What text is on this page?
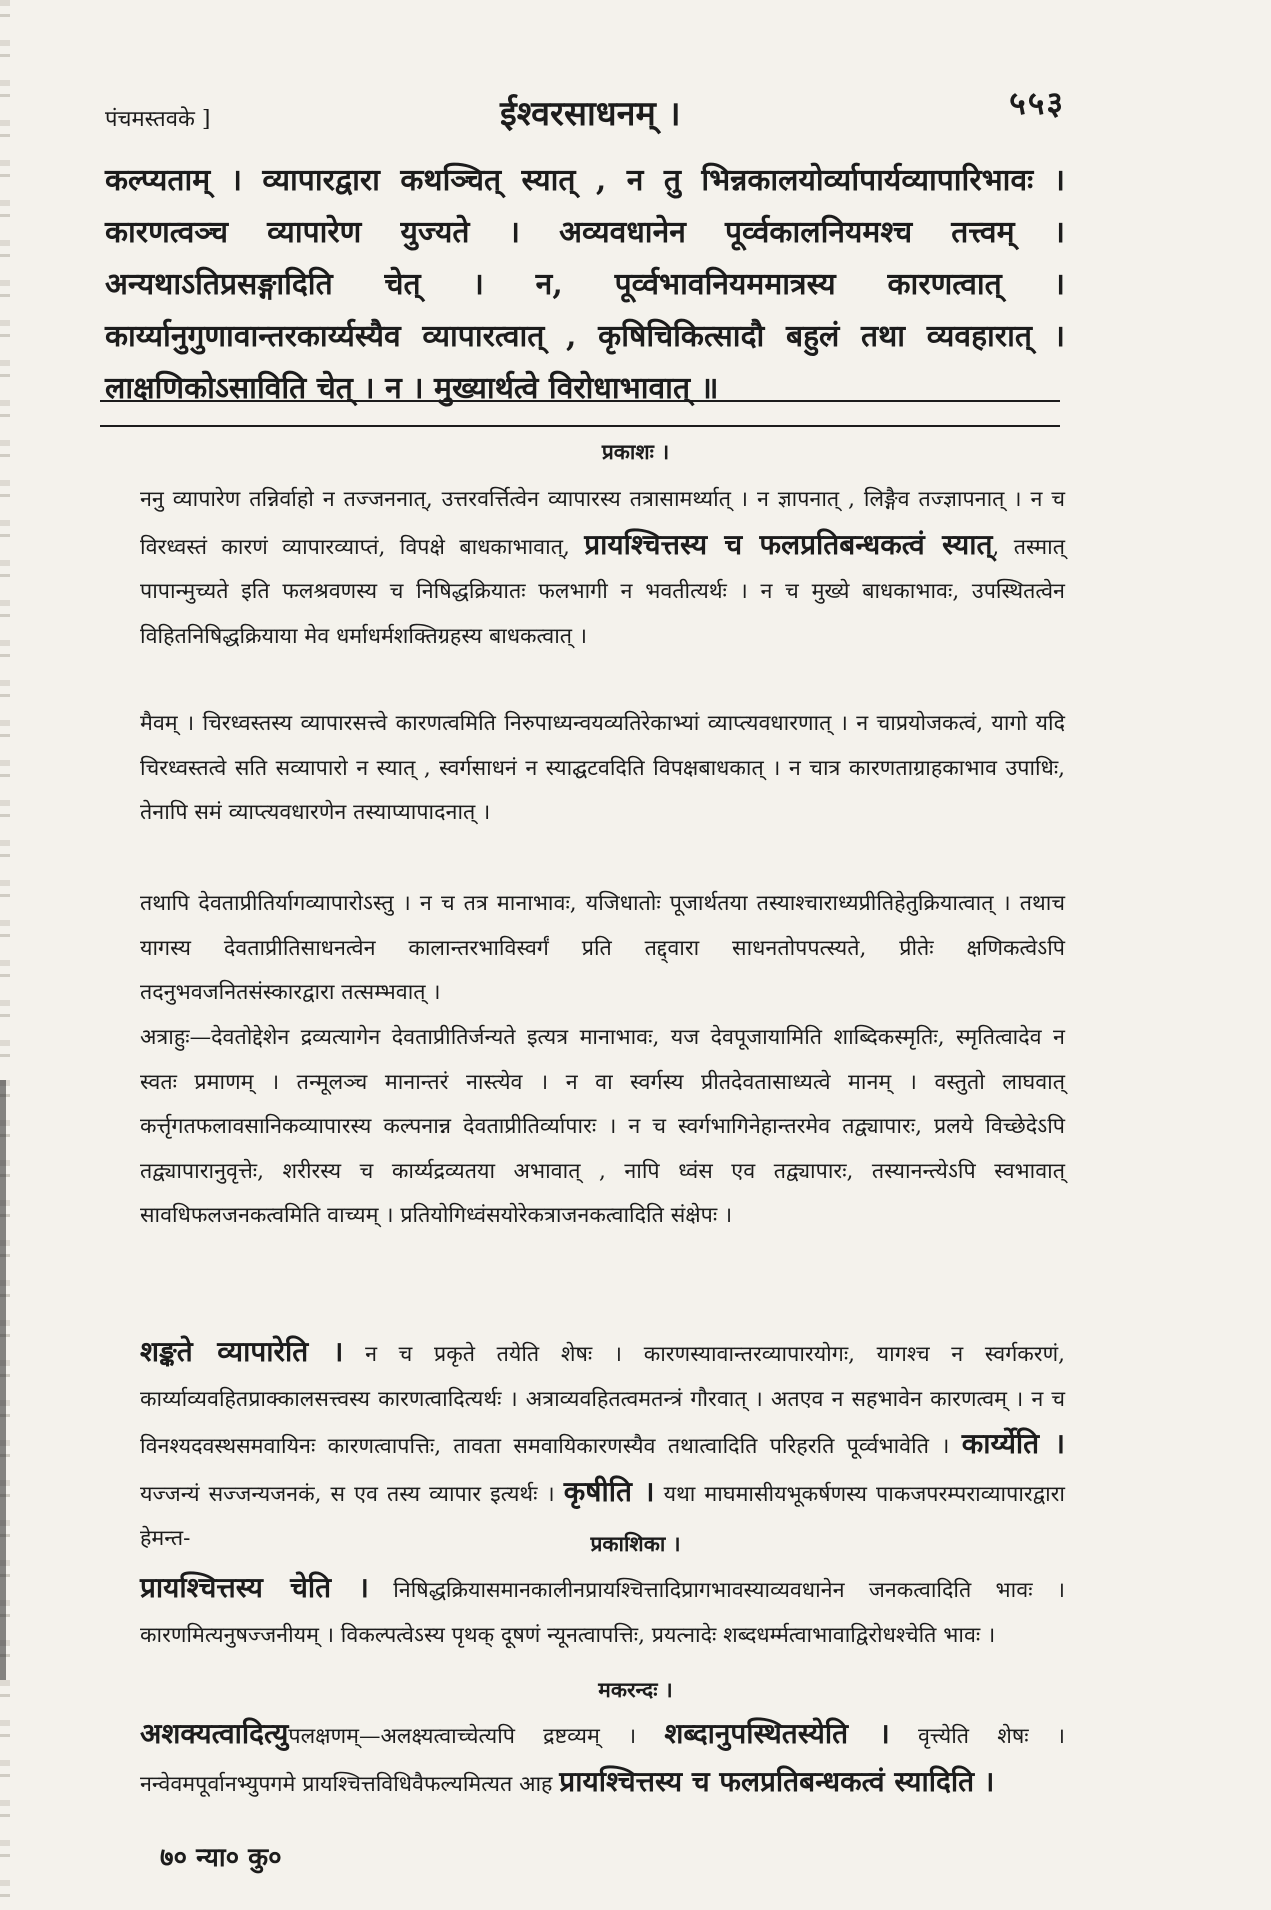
पंचमस्तवके ]	ईश्वरसाधनम् ।	५५३
कल्प्यताम् । व्यापारद्वारा कथञ्चित् स्यात् , न तु भिन्नकालयोर्व्यापार्यव्यापारिभावः । कारणत्वञ्च व्यापारेण युज्यते । अव्यवधानेन पूर्व्वकालनियमश्च तत्त्वम् । अन्यथाऽतिप्रसङ्गादिति चेत् । न, पूर्व्वभावनियममात्रस्य कारणत्वात् । कार्य्यानुगुणावान्तरकार्य्यस्यैव व्यापारत्वात् , कृषिचिकित्सादौ बहुलं तथा व्यवहारात् । लाक्षणिकोऽसाविति चेत् । न । मुख्यार्थत्वे विरोधाभावात् ॥
प्रकाशः ।
ननु व्यापारेण तन्निर्वाहो न तज्जननात्, उत्तरवर्त्तित्वेन व्यापारस्य तत्रासामर्थ्यात् । न ज्ञापनात् , लिङ्गैव तज्ज्ञापनात् । न च विरध्वस्तं कारणं व्यापारव्याप्तं, विपक्षे बाधकाभावात्, प्रायश्चित्तस्य च फलप्रतिबन्धकत्वं स्यात्, तस्मात् पापान्मुच्यते इति फलश्रवणस्य च निषिद्धक्रियातः फलभागी न भवतीत्यर्थः । न च मुख्ये बाधकाभावः, उपस्थितत्वेन विहितनिषिद्धक्रियाया मेव धर्माधर्मशक्तिग्रहस्य बाधकत्वात् ।
मैवम् । चिरध्वस्तस्य व्यापारसत्त्वे कारणत्वमिति निरुपाध्यन्वयव्यतिरेकाभ्यां व्याप्त्यवधारणात् । न चाप्रयोजकत्वं, यागो यदि चिरध्वस्तत्वे सति सव्यापारो न स्यात् , स्वर्गसाधनं न स्याद्घटवदिति विपक्षबाधकात् । न चात्र कारणताग्राहकाभाव उपाधिः, तेनापि समं व्याप्त्यवधारणेन तस्याप्यापादनात् ।
तथापि देवताप्रीतिर्यागव्यापारोऽस्तु । न च तत्र मानाभावः, यजिधातोः पूजार्थतया तस्याश्चाराध्यप्रीतिहेतुक्रियात्वात् । तथाच यागस्य देवताप्रीतिसाधनत्वेन कालान्तरभाविस्वर्गं प्रति तद्द्वारा साधनतोपपत्स्यते, प्रीतेः क्षणिकत्वेऽपि तदनुभवजनितसंस्कारद्वारा तत्सम्भवात् ।
अत्राहुः—देवतोद्देशेन द्रव्यत्यागेन देवताप्रीतिर्जन्यते इत्यत्र मानाभावः, यज देवपूजायामिति शाब्दिकस्मृतिः, स्मृतित्वादेव न स्वतः प्रमाणम् । तन्मूलञ्च मानान्तरं नास्त्येव । न वा स्वर्गस्य प्रीतदेवतासाध्यत्वे मानम् । वस्तुतो लाघवात् कर्त्तृगतफलावसानिकव्यापारस्य कल्पनान्न देवताप्रीतिर्व्यापारः । न च स्वर्गभागिनेहान्तरमेव तद्व्यापारः, प्रलये विच्छेदेऽपि तद्व्यापारानुवृत्तेः, शरीरस्य च कार्य्यद्रव्यतया अभावात् , नापि ध्वंस एव तद्व्यापारः, तस्यानन्त्येऽपि स्वभावात् सावधिफलजनकत्वमिति वाच्यम् । प्रतियोगिध्वंसयोरेकत्राजनकत्वादिति संक्षेपः ।
शङ्कते व्यापारेति । न च प्रकृते तयेति शेषः । कारणस्यावान्तरव्यापारयोगः, यागश्च न स्वर्गकरणं, कार्य्याव्यवहितप्राक्कालसत्त्वस्य कारणत्वादित्यर्थः । अत्राव्यवहितत्वमतन्त्रं गौरवात् । अतएव न सहभावेन कारणत्वम् । न च विनश्यदवस्थसमवायिनः कारणत्वापत्तिः, तावता समवायिकारणस्यैव तथात्वादिति परिहरति पूर्व्वभावेति । कार्य्येति । यज्जन्यं सज्जन्यजनकं, स एव तस्य व्यापार इत्यर्थः । कृषीति । यथा माघमासीयभूकर्षणस्य पाकजपरम्पराव्यापारद्वारा हेमन्त-	प्रकाशिका ।
प्रायश्चित्तस्य चेति । निषिद्धक्रियासमानकालीनप्रायश्चित्तादिप्रागभावस्याव्यवधानेन जनकत्वादिति भावः । कारणमित्यनुषज्जनीयम् । विकल्पत्वेऽस्य पृथक् दूषणं न्यूनत्वापत्तिः, प्रयत्नादेः शब्दधर्म्मत्वाभावाद्विरोधश्चेति भावः ।
मकरन्दः ।
अशक्यत्वादित्युपलक्षणम्—अलक्ष्यत्वाच्चेत्यपि द्रष्टव्यम् । शब्दानुपस्थितस्येति । वृत्त्येति शेषः । नन्वेवमपूर्वानभ्युपगमे प्रायश्चित्तविधिवैफल्यमित्यत आह प्रायश्चित्तस्य च फलप्रतिबन्धकत्वं स्यादिति ।
७० न्या० कु०
